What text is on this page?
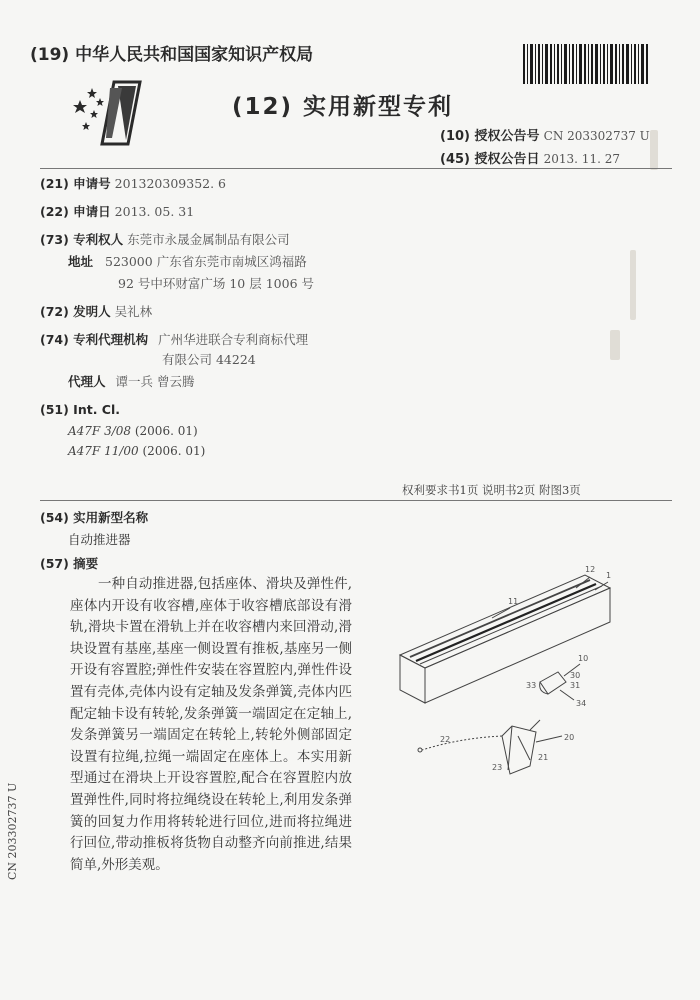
(19) 中华人民共和国国家知识产权局
(12) 实用新型专利
(10) 授权公告号 CN 203302737 U
(45) 授权公告日 2013. 11. 27
(21) 申请号 201320309352. 6
(22) 申请日 2013. 05. 31
(73) 专利权人 东莞市永晟金属制品有限公司
地址 523000 广东省东莞市南城区鸿福路
92 号中环财富广场 10 层 1006 号
(72) 发明人 吴礼林
(74) 专利代理机构 广州华进联合专利商标代理
有限公司 44224
代理人 谭一兵 曾云腾
(51) Int. Cl.
A47F 3/08 (2006. 01)
A47F 11/00 (2006. 01)
权利要求书1页 说明书2页 附图3页
(54) 实用新型名称
自动推进器
(57) 摘要
一种自动推进器,包括座体、滑块及弹性件,座体内开设有收容槽,座体于收容槽底部设有滑轨,滑块卡置在滑轨上并在收容槽内来回滑动,滑块设置有基座,基座一侧设置有推板,基座另一侧开设有容置腔;弹性件安装在容置腔内,弹性件设置有壳体,壳体内设有定轴及发条弹簧,壳体内匹配定轴卡设有转轮,发条弹簧一端固定在定轴上,发条弹簧另一端固定在转轮上,转轮外侧部固定设置有拉绳,拉绳一端固定在座体上。本实用新型通过在滑块上开设容置腔,配合在容置腔内放置弹性件,同时将拉绳绕设在转轮上,利用发条弹簧的回复力作用将转轮进行回位,进而将拉绳进行回位,带动推板将货物自动整齐向前推进,结果简单,外形美观。
11
12
1
10
30
31
34
33
20
21
23
22
CN 203302737 U
